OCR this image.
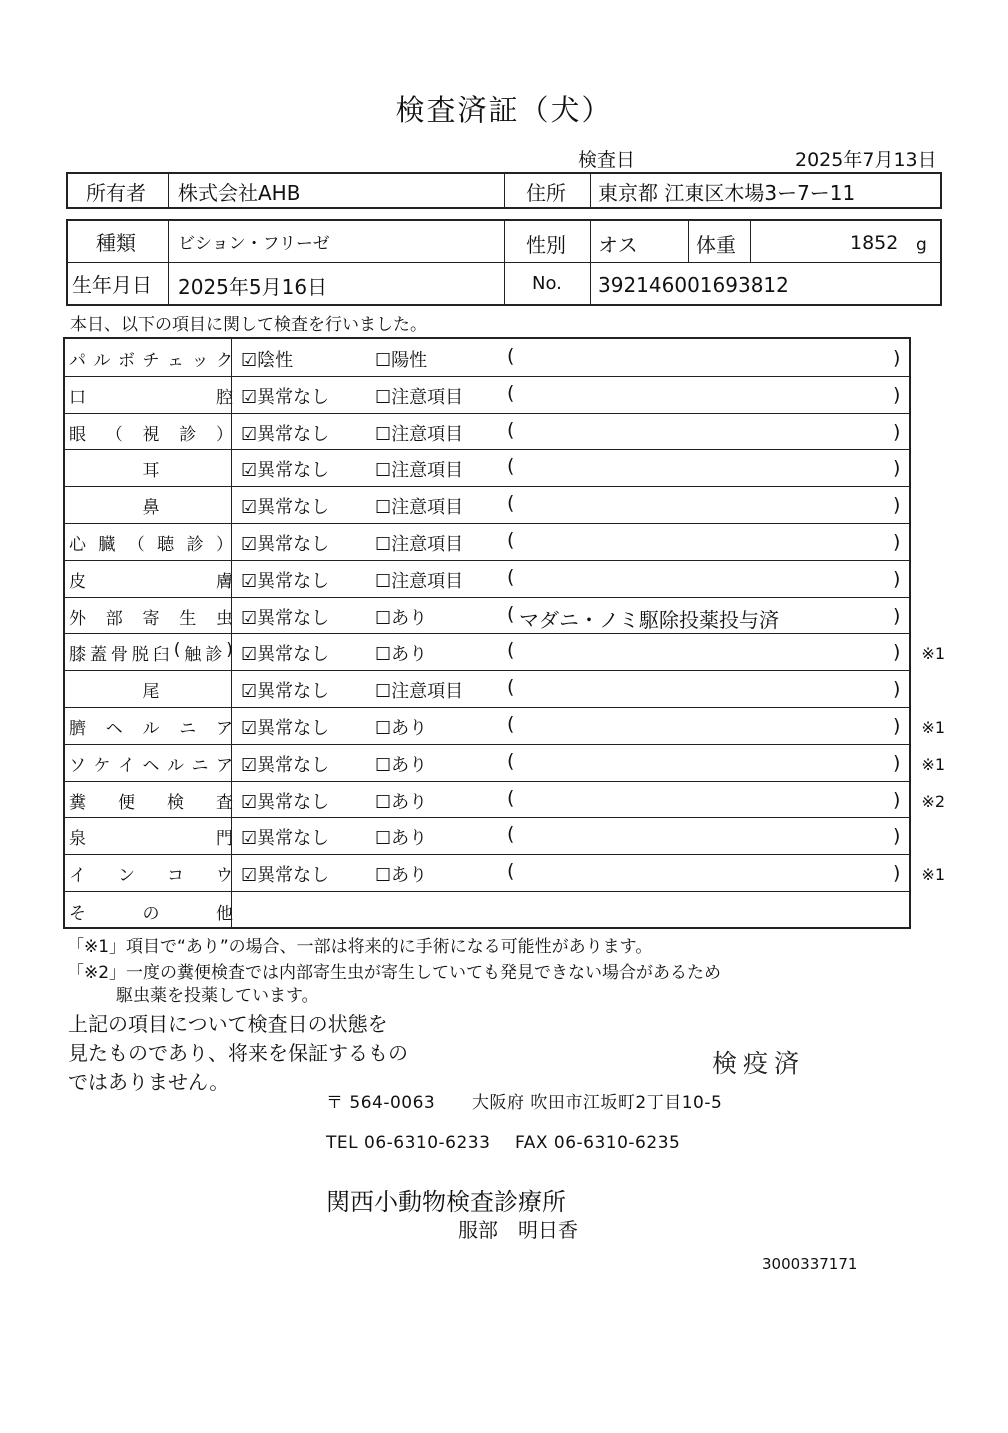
検査済証（犬）
検査日	2025年7月13日
所有者 株式会社AHB	住所 東京都 江東区木場3ー7ー11
種類 ビション・フリーゼ	性別 オス	体重	1852 g
生年月日 2025年5月16日	No. 392146001693812
本日、以下の項目に関して検査を行いました。
パ ル ボ チ ェ ッ ク ☑陰性	☐陽性	(	)
口	腔 ☑異常なし	☐注意項目 (	)
眼 （ 視 診 ） ☑異常なし	☐注意項目 (	)
耳	☑異常なし	☐注意項目 (	)
鼻	☑異常なし	☐注意項目 (	)
心 臓 （ 聴 診 ） ☑異常なし	☐注意項目 (	)
皮	膚 ☑異常なし	☐注意項目 (	)
外 部 寄 生 虫 ☑異常なし	☐あり	( マダニ・ノミ駆除投薬投与済	)
膝 蓋 骨 脱 臼 ( 触 診 ) ☑異常なし	☐あり	(	) ※1
尾	☑異常なし	☐注意項目 (	)
臍 ヘ ル ニ ア ☑異常なし	☐あり	(	) ※1
ソ ケ イ ヘ ル ニ ア ☑異常なし	☐あり	(	) ※1
糞 便 検 査 ☑異常なし	☐あり	(	) ※2
泉	門 ☑異常なし	☐あり	(	)
イ ン コ ウ ☑異常なし	☐あり	(	) ※1
そ	の	他
「※1」項目で“あり”の場合、一部は将来的に手術になる可能性があります。
「※2」一度の糞便検査では内部寄生虫が寄生していても発見できない場合があるため
駆虫薬を投薬しています。
上記の項目について検査日の状態を
見たものであり、将来を保証するもの
ではありません。
検疫済
〒 564-0063 大阪府 吹田市江坂町2丁目10-5
TEL 06-6310-6233 FAX 06-6310-6235
関西小動物検査診療所
服部　明日香
3000337171
